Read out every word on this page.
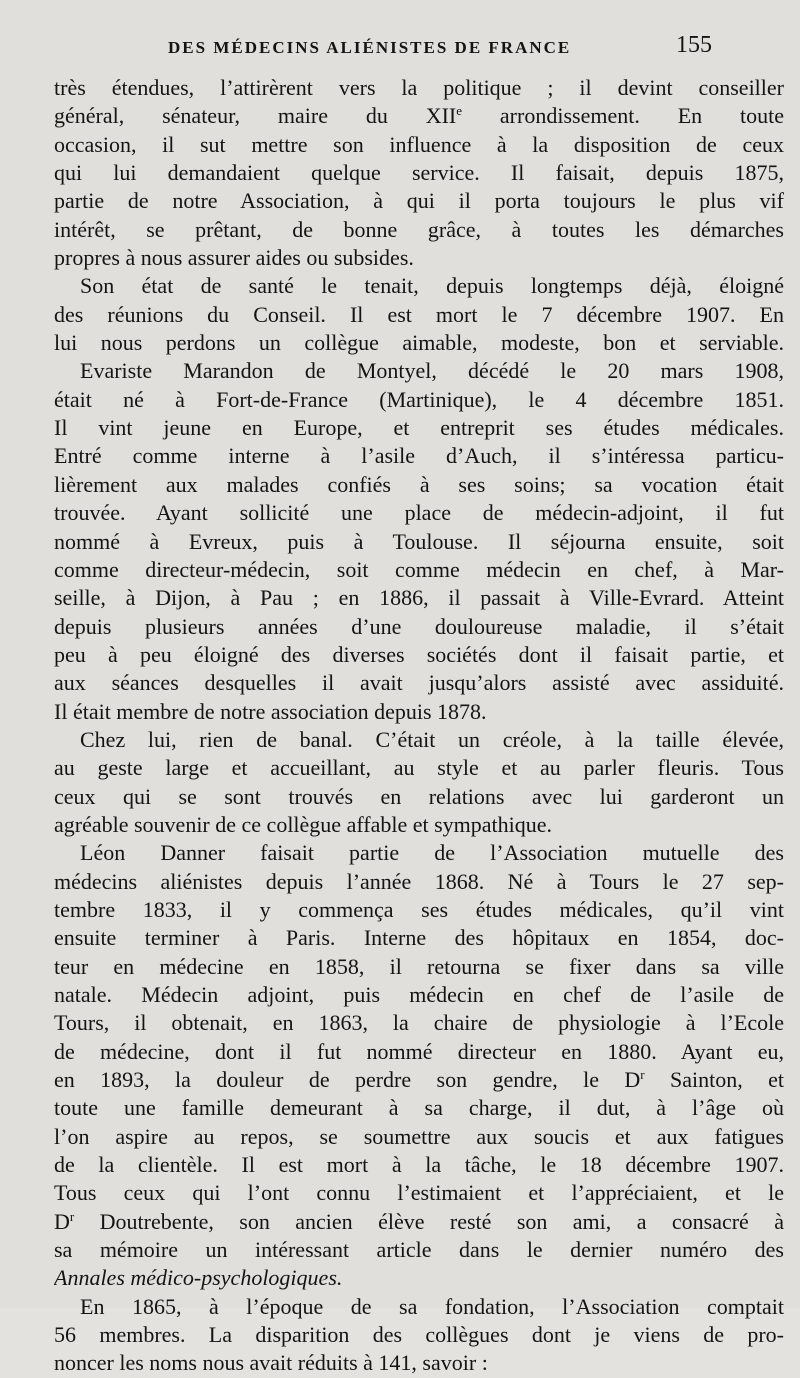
DES MÉDECINS ALIÉNISTES DE FRANCE	155
très étendues, l’attirèrent vers la politique ; il devint conseiller
général, sénateur, maire du XIIe arrondissement. En toute
occasion, il sut mettre son influence à la disposition de ceux
qui lui demandaient quelque service. Il faisait, depuis 1875,
partie de notre Association, à qui il porta toujours le plus vif
intérêt, se prêtant, de bonne grâce, à toutes les démarches
propres à nous assurer aides ou subsides.
Son état de santé le tenait, depuis longtemps déjà, éloigné
des réunions du Conseil. Il est mort le 7 décembre 1907. En
lui nous perdons un collègue aimable, modeste, bon et serviable.
Evariste Marandon de Montyel, décédé le 20 mars 1908,
était né à Fort-de-France (Martinique), le 4 décembre 1851.
Il vint jeune en Europe, et entreprit ses études médicales.
Entré comme interne à l’asile d’Auch, il s’intéressa particu-
lièrement aux malades confiés à ses soins; sa vocation était
trouvée. Ayant sollicité une place de médecin-adjoint, il fut
nommé à Evreux, puis à Toulouse. Il séjourna ensuite, soit
comme directeur-médecin, soit comme médecin en chef, à Mar-
seille, à Dijon, à Pau ; en 1886, il passait à Ville-Evrard. Atteint
depuis plusieurs années d’une douloureuse maladie, il s’était
peu à peu éloigné des diverses sociétés dont il faisait partie, et
aux séances desquelles il avait jusqu’alors assisté avec assiduité.
Il était membre de notre association depuis 1878.
Chez lui, rien de banal. C’était un créole, à la taille élevée,
au geste large et accueillant, au style et au parler fleuris. Tous
ceux qui se sont trouvés en relations avec lui garderont un
agréable souvenir de ce collègue affable et sympathique.
Léon Danner faisait partie de l’Association mutuelle des
médecins aliénistes depuis l’année 1868. Né à Tours le 27 sep-
tembre 1833, il y commença ses études médicales, qu’il vint
ensuite terminer à Paris. Interne des hôpitaux en 1854, doc-
teur en médecine en 1858, il retourna se fixer dans sa ville
natale. Médecin adjoint, puis médecin en chef de l’asile de
Tours, il obtenait, en 1863, la chaire de physiologie à l’Ecole
de médecine, dont il fut nommé directeur en 1880. Ayant eu,
en 1893, la douleur de perdre son gendre, le $D^r$ Sainton, et
toute une famille demeurant à sa charge, il dut, à l’âge où
l’on aspire au repos, se soumettre aux soucis et aux fatigues
de la clientèle. Il est mort à la tâche, le 18 décembre 1907.
Tous ceux qui l’ont connu l’estimaient et l’appréciaient, et le
$D^r$ Doutrebente, son ancien élève resté son ami, a consacré à
sa mémoire un intéressant article dans le dernier numéro des
Annales médico-psychologiques.
En 1865, à l’époque de sa fondation, l’Association comptait
56 membres. La disparition des collègues dont je viens de pro-
noncer les noms nous avait réduits à 141, savoir :
